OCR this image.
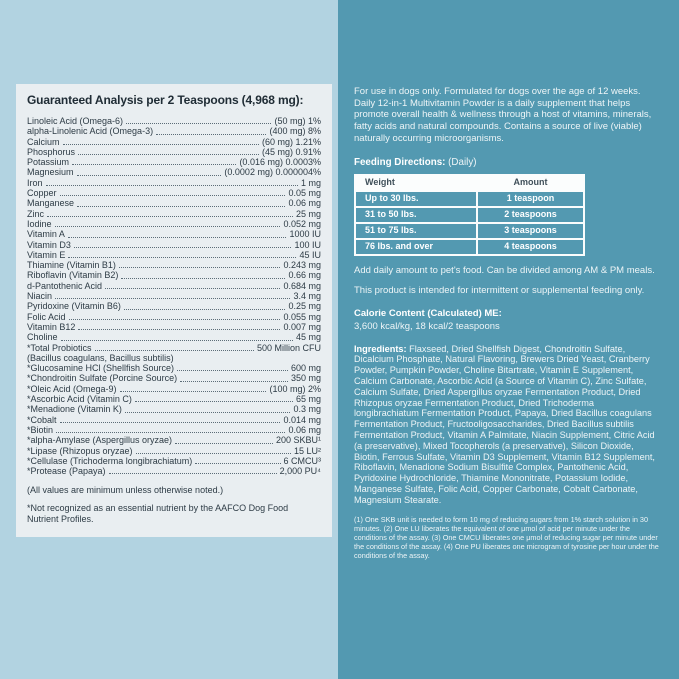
Guaranteed Analysis per 2 Teaspoons (4,968 mg):
Linoleic Acid (Omega-6)	(50 mg) 1%
alpha-Linolenic Acid (Omega-3)	(400 mg) 8%
Calcium	(60 mg) 1.21%
Phosphorus	(45 mg) 0.91%
Potassium	(0.016 mg) 0.0003%
Magnesium	(0.0002 mg) 0.000004%
Iron	1 mg
Copper	0.05 mg
Manganese	0.06 mg
Zinc	25 mg
Iodine	0.052 mg
Vitamin A	1000 IU
Vitamin D3	100 IU
Vitamin E	45 IU
Thiamine (Vitamin B1)	0.243 mg
Riboflavin (Vitamin B2)	0.66 mg
d-Pantothenic Acid	0.684 mg
Niacin	3.4 mg
Pyridoxine (Vitamin B6)	0.25 mg
Folic Acid	0.055 mg
Vitamin B12	0.007 mg
Choline	45 mg
*Total Probiotics	500 Million CFU
(Bacillus coagulans, Bacillus subtilis)
*Glucosamine HCl (Shellfish Source)	600 mg
*Chondroitin Sulfate (Porcine Source)	350 mg
*Oleic Acid (Omega-9)	(100 mg) 2%
*Ascorbic Acid (Vitamin C)	65 mg
*Menadione (Vitamin K)	0.3 mg
*Cobalt	0.014 mg
*Biotin	0.06 mg
*alpha-Amylase (Aspergillus oryzae)	200 SKBU¹
*Lipase (Rhizopus oryzae)	15 LU²
*Cellulase (Trichoderma longibrachiatum)	6 CMCU³
*Protease (Papaya)	2,000 PU⁴
(All values are minimum unless otherwise noted.)
*Not recognized as an essential nutrient by the AAFCO Dog Food Nutrient Profiles.

For use in dogs only. Formulated for dogs over the age of 12 weeks. Daily 12-in-1 Multivitamin Powder is a daily supplement that helps promote overall health & wellness through a host of vitamins, minerals, fatty acids and natural compounds. Contains a source of live (viable) naturally occurring microorganisms.

Feeding Directions: (Daily)
Weight	Amount
Up to 30 lbs.	1 teaspoon
31 to 50 lbs.	2 teaspoons
51 to 75 lbs.	3 teaspoons
76 lbs. and over	4 teaspoons

Add daily amount to pet's food. Can be divided among AM & PM meals.

This product is intended for intermittent or supplemental feeding only.

Calorie Content (Calculated) ME:
3,600 kcal/kg, 18 kcal/2 teaspoons

Ingredients: Flaxseed, Dried Shellfish Digest, Chondroitin Sulfate, Dicalcium Phosphate, Natural Flavoring, Brewers Dried Yeast, Cranberry Powder, Pumpkin Powder, Choline Bitartrate, Vitamin E Supplement, Calcium Carbonate, Ascorbic Acid (a Source of Vitamin C), Zinc Sulfate, Calcium Sulfate, Dried Aspergillus oryzae Fermentation Product, Dried Rhizopus oryzae Fermentation Product, Dried Trichoderma longibrachiatum Fermentation Product, Papaya, Dried Bacillus coagulans Fermentation Product, Fructooligosaccharides, Dried Bacillus subtilis Fermentation Product, Vitamin A Palmitate, Niacin Supplement, Citric Acid (a preservative), Mixed Tocopherols (a preservative), Silicon Dioxide, Biotin, Ferrous Sulfate, Vitamin D3 Supplement, Vitamin B12 Supplement, Riboflavin, Menadione Sodium Bisulfite Complex, Pantothenic Acid, Pyridoxine Hydrochloride, Thiamine Mononitrate, Potassium Iodide, Manganese Sulfate, Folic Acid, Copper Carbonate, Cobalt Carbonate, Magnesium Stearate.

(1) One SKB unit is needed to form 10 mg of reducing sugars from 1% starch solution in 30 minutes. (2) One LU liberates the equivalent of one μmol of acid per minute under the conditions of the assay. (3) One CMCU liberates one μmol of reducing sugar per minute under the conditions of the assay. (4) One PU liberates one microgram of tyrosine per hour under the conditions of the assay.
